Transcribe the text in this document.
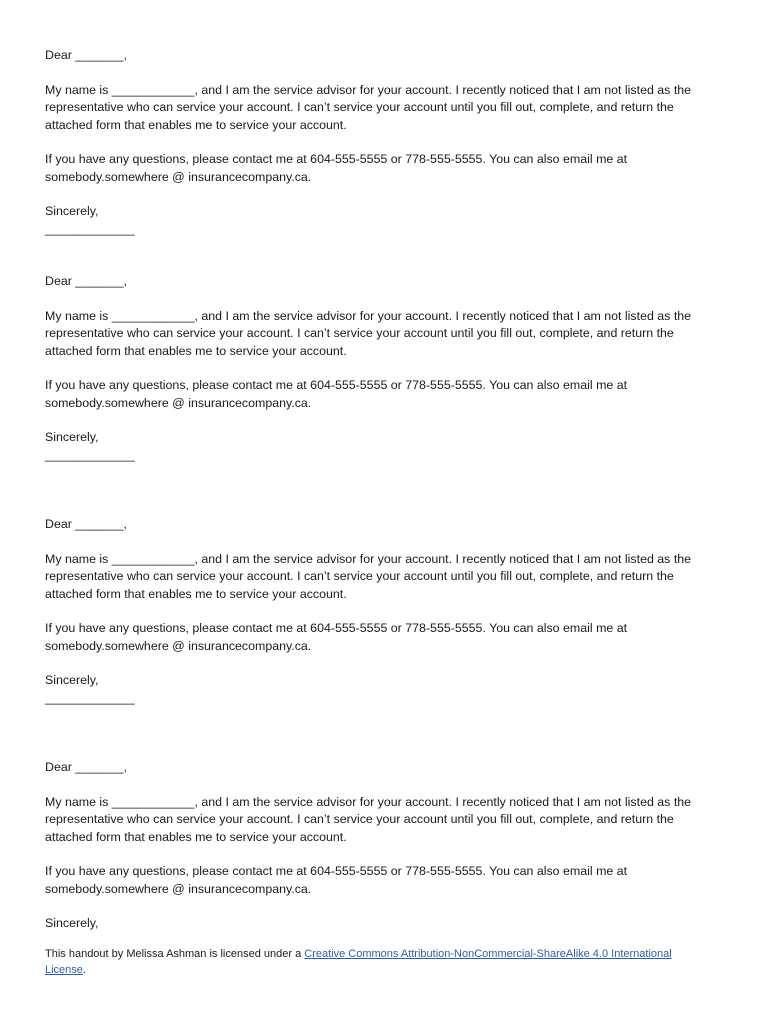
Dear _______,

My name is ____________, and I am the service advisor for your account. I recently noticed that I am not listed as the representative who can service your account. I can’t service your account until you fill out, complete, and return the attached form that enables me to service your account.

If you have any questions, please contact me at 604-555-5555 or 778-555-5555. You can also email me at somebody.somewhere @ insurancecompany.ca.

Sincerely,

_____________

Dear _______,

My name is ____________, and I am the service advisor for your account. I recently noticed that I am not listed as the representative who can service your account. I can’t service your account until you fill out, complete, and return the attached form that enables me to service your account.

If you have any questions, please contact me at 604-555-5555 or 778-555-5555. You can also email me at somebody.somewhere @ insurancecompany.ca.

Sincerely,

_____________

Dear _______,

My name is ____________, and I am the service advisor for your account. I recently noticed that I am not listed as the representative who can service your account. I can’t service your account until you fill out, complete, and return the attached form that enables me to service your account.

If you have any questions, please contact me at 604-555-5555 or 778-555-5555. You can also email me at somebody.somewhere @ insurancecompany.ca.

Sincerely,

_____________

Dear _______,

My name is ____________, and I am the service advisor for your account. I recently noticed that I am not listed as the representative who can service your account. I can’t service your account until you fill out, complete, and return the attached form that enables me to service your account.

If you have any questions, please contact me at 604-555-5555 or 778-555-5555. You can also email me at somebody.somewhere @ insurancecompany.ca.

Sincerely,

This handout by Melissa Ashman is licensed under a Creative Commons Attribution-NonCommercial-ShareAlike 4.0 International License.
